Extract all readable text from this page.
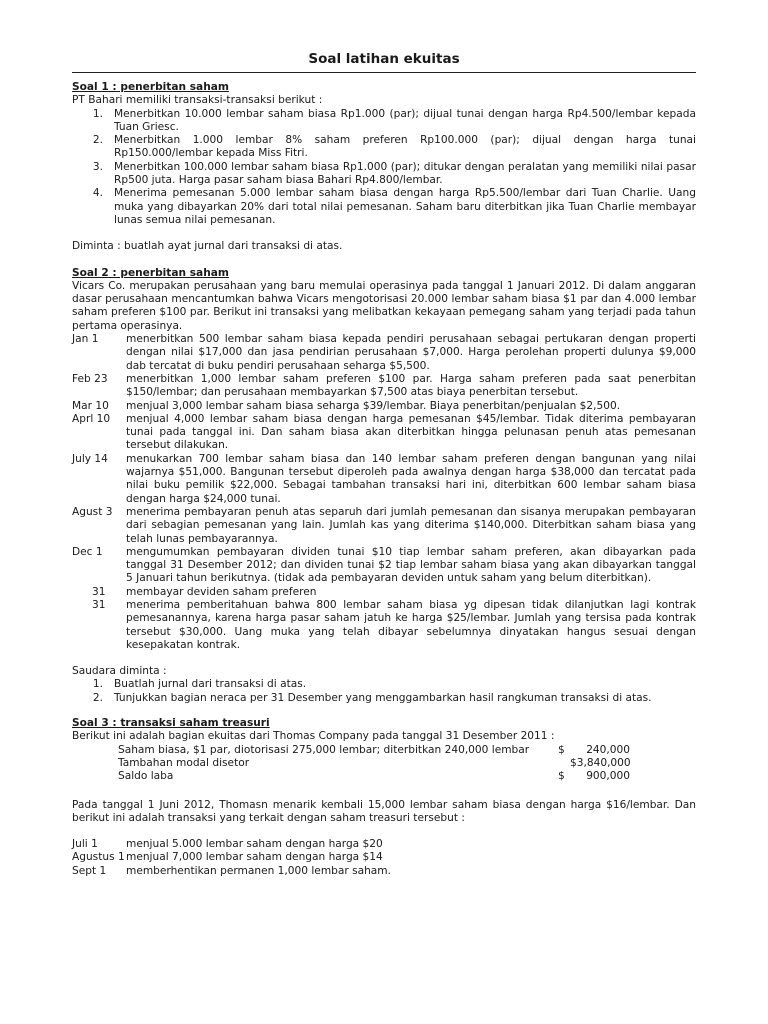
Soal latihan ekuitas

Soal 1 : penerbitan saham

PT Bahari memiliki transaksi-transaksi berikut :

1.	Menerbitkan 10.000 lembar saham biasa Rp1.000 (par); dijual tunai dengan harga Rp4.500/lembar kepada Tuan Griesc.
2.	Menerbitkan 1.000 lembar 8% saham preferen Rp100.000 (par); dijual dengan harga tunai Rp150.000/lembar kepada Miss Fitri.
3.	Menerbitkan 100.000 lembar saham biasa Rp1.000 (par); ditukar dengan peralatan yang memiliki nilai pasar Rp500 juta. Harga pasar saham biasa Bahari Rp4.800/lembar.
4.	Menerima pemesanan 5.000 lembar saham biasa dengan harga Rp5.500/lembar dari Tuan Charlie. Uang muka yang dibayarkan 20% dari total nilai pemesanan. Saham baru diterbitkan jika Tuan Charlie membayar lunas semua nilai pemesanan.

Diminta : buatlah ayat jurnal dari transaksi di atas.

Soal 2 : penerbitan saham

Vicars Co. merupakan perusahaan yang baru memulai operasinya pada tanggal 1 Januari 2012. Di dalam anggaran dasar perusahaan mencantumkan bahwa Vicars mengotorisasi 20.000 lembar saham biasa $1 par dan 4.000 lembar saham preferen $100 par. Berikut ini transaksi yang melibatkan kekayaan pemegang saham yang terjadi pada tahun pertama operasinya.

Jan 1	menerbitkan 500 lembar saham biasa kepada pendiri perusahaan sebagai pertukaran dengan properti dengan nilai $17,000 dan jasa pendirian perusahaan $7,000. Harga perolehan properti dulunya $9,000 dab tercatat di buku pendiri perusahaan seharga $5,500.
Feb 23	menerbitkan 1,000 lembar saham preferen $100 par. Harga saham preferen pada saat penerbitan $150/lembar; dan perusahaan membayarkan $7,500 atas biaya penerbitan tersebut.
Mar 10	menjual 3,000 lembar saham biasa seharga $39/lembar. Biaya penerbitan/penjualan $2,500.
Aprl 10	menjual 4,000 lembar saham biasa dengan harga pemesanan $45/lembar. Tidak diterima pembayaran tunai pada tanggal ini. Dan saham biasa akan diterbitkan hingga pelunasan penuh atas pemesanan tersebut dilakukan.
July 14	menukarkan 700 lembar saham biasa dan 140 lembar saham preferen dengan bangunan yang nilai wajarnya $51,000. Bangunan tersebut diperoleh pada awalnya dengan harga $38,000 dan tercatat pada nilai buku pemilik $22,000. Sebagai tambahan transaksi hari ini, diterbitkan 600 lembar saham biasa dengan harga $24,000 tunai.
Agust 3	menerima pembayaran penuh atas separuh dari jumlah pemesanan dan sisanya merupakan pembayaran dari sebagian pemesanan yang lain. Jumlah kas yang diterima $140,000. Diterbitkan saham biasa yang telah lunas pembayarannya.
Dec 1	mengumumkan pembayaran dividen tunai $10 tiap lembar saham preferen, akan dibayarkan pada tanggal 31 Desember 2012; dan dividen tunai $2 tiap lembar saham biasa yang akan dibayarkan tanggal 5 Januari tahun berikutnya. (tidak ada pembayaran deviden untuk saham yang belum diterbitkan).
31	membayar deviden saham preferen
31	menerima pemberitahuan bahwa 800 lembar saham biasa yg dipesan tidak dilanjutkan lagi kontrak pemesanannya, karena harga pasar saham jatuh ke harga $25/lembar. Jumlah yang tersisa pada kontrak tersebut $30,000. Uang muka yang telah dibayar sebelumnya dinyatakan hangus sesuai dengan kesepakatan kontrak.

Saudara diminta :

1.	Buatlah jurnal dari transaksi di atas.
2.	Tunjukkan bagian neraca per 31 Desember yang menggambarkan hasil rangkuman transaksi di atas.

Soal 3 : transaksi saham treasuri

Berikut ini adalah bagian ekuitas dari Thomas Company pada tanggal 31 Desember 2011 :

Saham biasa, $1 par, diotorisasi 275,000 lembar; diterbitkan 240,000 lembar	$	240,000
Tambahan modal disetor	$3,840,000
Saldo laba	$	900,000

Pada tanggal 1 Juni 2012, Thomasn menarik kembali 15,000 lembar saham biasa dengan harga $16/lembar. Dan berikut ini adalah transaksi yang terkait dengan saham treasuri tersebut :

Juli 1	menjual 5.000 lembar saham dengan harga $20
Agustus 1 menjual 7,000 lembar saham dengan harga $14
Sept 1	memberhentikan permanen 1,000 lembar saham.
